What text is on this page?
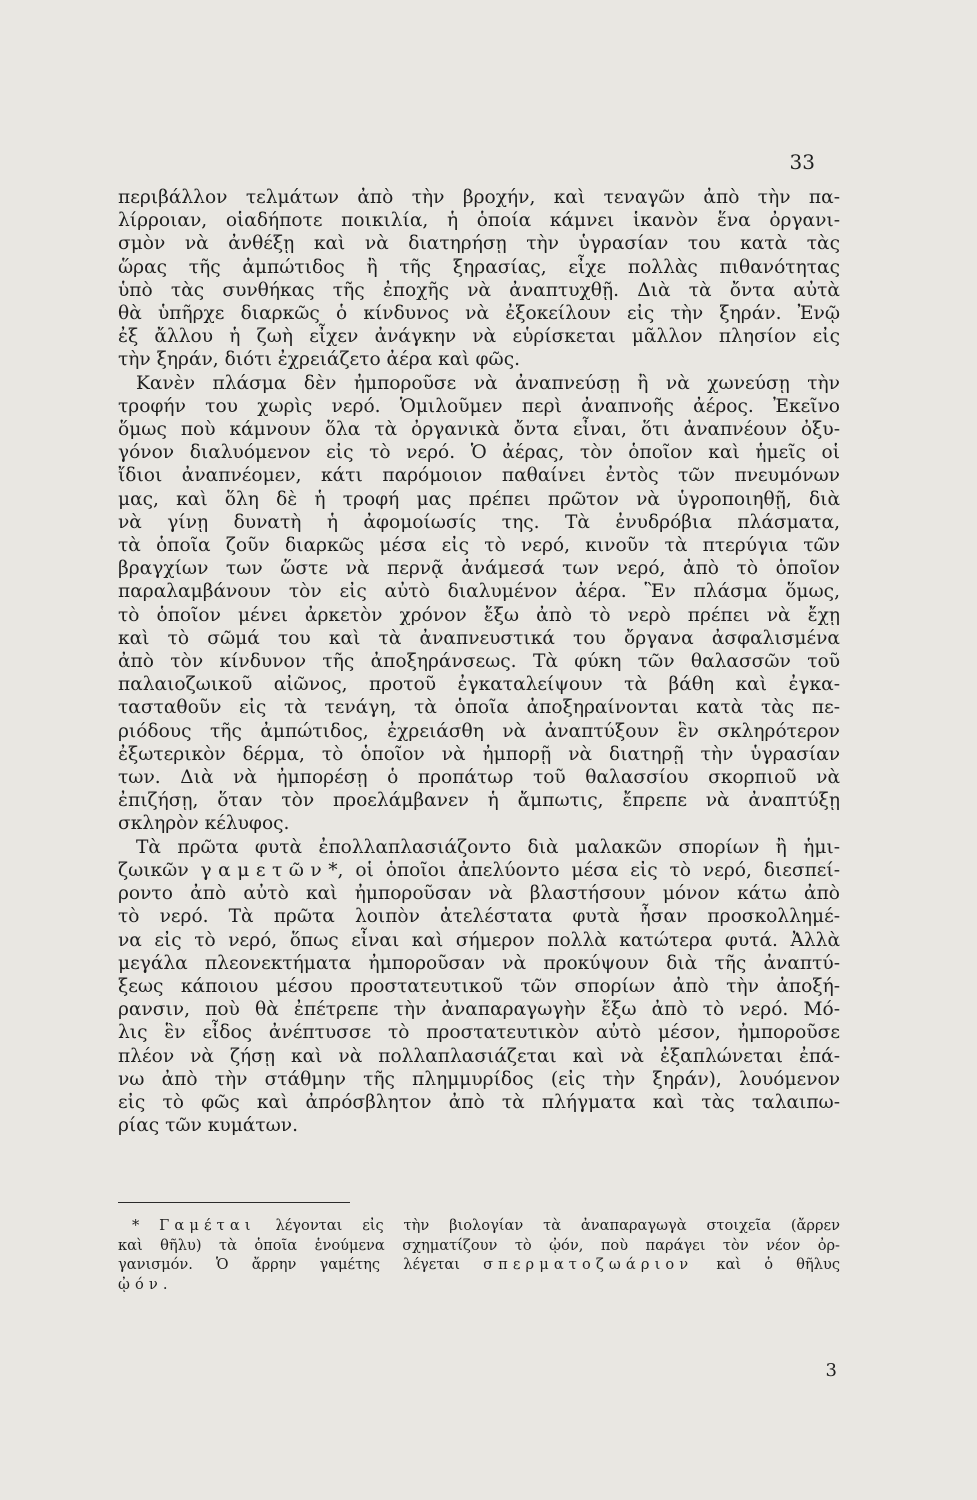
33
περιβάλλον τελμάτων ἀπὸ τὴν βροχήν, καὶ τεναγῶν ἀπὸ τὴν πα-
λίρροιαν, οἱαδήποτε ποικιλία, ἡ ὁποία κάμνει ἱκανὸν ἕνα ὀργανι-
σμὸν νὰ ἀνθέξῃ καὶ νὰ διατηρήσῃ τὴν ὑγρασίαν του κατὰ τὰς
ὥρας τῆς ἀμπώτιδος ἢ τῆς ξηρασίας, εἶχε πολλὰς πιθανότητας
ὑπὸ τὰς συνθήκας τῆς ἐποχῆς νὰ ἀναπτυχθῇ. Διὰ τὰ ὄντα αὐτὰ
θὰ ὑπῆρχε διαρκῶς ὁ κίνδυνος νὰ ἐξοκείλουν εἰς τὴν ξηράν. Ἐνῷ
ἐξ ἄλλου ἡ ζωὴ εἶχεν ἀνάγκην νὰ εὑρίσκεται μᾶλλον πλησίον εἰς
τὴν ξηράν, διότι ἐχρειάζετο ἀέρα καὶ φῶς.
Κανὲν πλάσμα δὲν ἠμποροῦσε νὰ ἀναπνεύσῃ ἢ νὰ χωνεύσῃ τὴν
τροφήν του χωρὶς νερό. Ὁμιλοῦμεν περὶ ἀναπνοῆς ἀέρος. Ἐκεῖνο
ὅμως ποὺ κάμνουν ὅλα τὰ ὀργανικὰ ὄντα εἶναι, ὅτι ἀναπνέουν ὀξυ-
γόνον διαλυόμενον εἰς τὸ νερό. Ὁ ἀέρας, τὸν ὁποῖον καὶ ἡμεῖς οἱ
ἴδιοι ἀναπνέομεν, κάτι παρόμοιον παθαίνει ἐντὸς τῶν πνευμόνων
μας, καὶ ὅλη δὲ ἡ τροφή μας πρέπει πρῶτον νὰ ὑγροποιηθῇ, διὰ
νὰ γίνῃ δυνατὴ ἡ ἀφομοίωσίς της. Τὰ ἐνυδρόβια πλάσματα,
τὰ ὁποῖα ζοῦν διαρκῶς μέσα εἰς τὸ νερό, κινοῦν τὰ πτερύγια τῶν
βραγχίων των ὥστε νὰ περνᾷ ἀνάμεσά των νερό, ἀπὸ τὸ ὁποῖον
παραλαμβάνουν τὸν εἰς αὐτὸ διαλυμένον ἀέρα. Ἓν πλάσμα ὅμως,
τὸ ὁποῖον μένει ἀρκετὸν χρόνον ἔξω ἀπὸ τὸ νερὸ πρέπει νὰ ἔχῃ
καὶ τὸ σῶμά του καὶ τὰ ἀναπνευστικά του ὄργανα ἀσφαλισμένα
ἀπὸ τὸν κίνδυνον τῆς ἀποξηράνσεως. Τὰ φύκη τῶν θαλασσῶν τοῦ
παλαιοζωικοῦ αἰῶνος, προτοῦ ἐγκαταλείψουν τὰ βάθη καὶ ἐγκα-
τασταθοῦν εἰς τὰ τενάγη, τὰ ὁποῖα ἀποξηραίνονται κατὰ τὰς πε-
ριόδους τῆς ἀμπώτιδος, ἐχρειάσθη νὰ ἀναπτύξουν ἓν σκληρότερον
ἐξωτερικὸν δέρμα, τὸ ὁποῖον νὰ ἠμπορῇ νὰ διατηρῇ τὴν ὑγρασίαν
των. Διὰ νὰ ἠμπορέσῃ ὁ προπάτωρ τοῦ θαλασσίου σκορπιοῦ νὰ
ἐπιζήσῃ, ὅταν τὸν προελάμβανεν ἡ ἄμπωτις, ἔπρεπε νὰ ἀναπτύξῃ
σκληρὸν κέλυφος.
Τὰ πρῶτα φυτὰ ἐπολλαπλασιάζοντο διὰ μαλακῶν σπορίων ἢ ἡμι-
ζωικῶν γαμετῶν*, οἱ ὁποῖοι ἀπελύοντο μέσα εἰς τὸ νερό, διεσπεί-
ροντο ἀπὸ αὐτὸ καὶ ἠμποροῦσαν νὰ βλαστήσουν μόνον κάτω ἀπὸ
τὸ νερό. Τὰ πρῶτα λοιπὸν ἀτελέστατα φυτὰ ἦσαν προσκολλημέ-
να εἰς τὸ νερό, ὅπως εἶναι καὶ σήμερον πολλὰ κατώτερα φυτά. Ἀλλὰ
μεγάλα πλεονεκτήματα ἠμποροῦσαν νὰ προκύψουν διὰ τῆς ἀναπτύ-
ξεως κάποιου μέσου προστατευτικοῦ τῶν σπορίων ἀπὸ τὴν ἀποξή-
ρανσιν, ποὺ θὰ ἐπέτρεπε τὴν ἀναπαραγωγὴν ἔξω ἀπὸ τὸ νερό. Μό-
λις ἓν εἶδος ἀνέπτυσσε τὸ προστατευτικὸν αὐτὸ μέσον, ἠμποροῦσε
πλέον νὰ ζήσῃ καὶ νὰ πολλαπλασιάζεται καὶ νὰ ἐξαπλώνεται ἐπά-
νω ἀπὸ τὴν στάθμην τῆς πλημμυρίδος (εἰς τὴν ξηράν), λουόμενον
εἰς τὸ φῶς καὶ ἀπρόσβλητον ἀπὸ τὰ πλήγματα καὶ τὰς ταλαιπω-
ρίας τῶν κυμάτων.
* Γαμέται λέγονται εἰς τὴν βιολογίαν τὰ ἀναπαραγωγὰ στοιχεῖα (ἄρρεν
καὶ θῆλυ) τὰ ὁποῖα ἑνούμενα σχηματίζουν τὸ ᾠόν, ποὺ παράγει τὸν νέον ὀρ-
γανισμόν. Ὁ ἄρρην γαμέτης λέγεται σπερματοζωάριον καὶ ὁ θῆλυς
ᾠόν.
3
